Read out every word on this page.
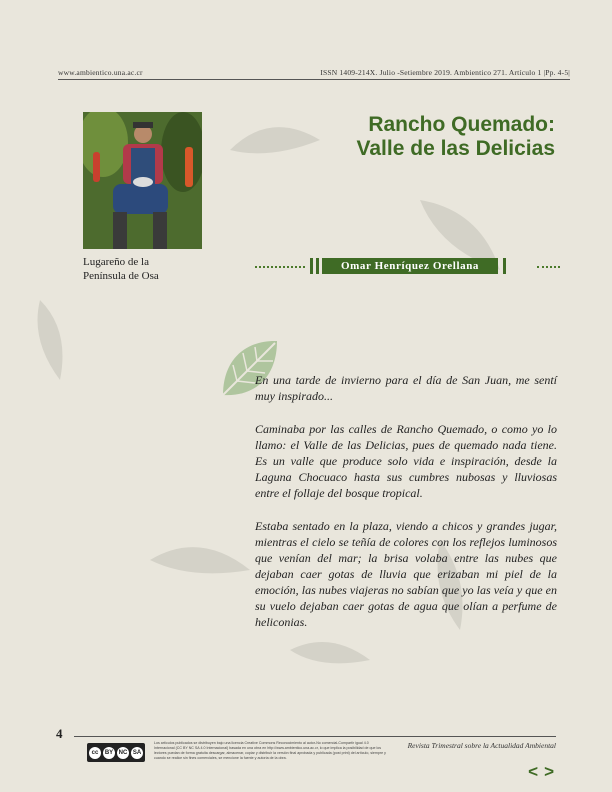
www.ambientico.una.ac.cr	ISSN 1409-214X. Julio -Setiembre 2019. Ambientico 271. Artículo 1 |Pp. 4-5|
Lugareño de la
Península de Osa
Rancho Quemado:
Valle de las Delicias
Omar Henríquez Orellana

En una tarde de invierno para el día de San Juan, me sentí muy inspirado...

Caminaba por las calles de Rancho Quemado, o como yo lo llamo: el Valle de las Delicias, pues de quemado nada tiene. Es un valle que produce solo vida e inspiración, desde la Laguna Chocuaco hasta sus cumbres nubosas y lluviosas entre el follaje del bosque tropical.

Estaba sentado en la plaza, viendo a chicos y grandes jugar, mientras el cielo se teñía de colores con los reflejos luminosos que venían del mar; la brisa volaba entre las nubes que dejaban caer gotas de lluvia que erizaban mi piel de la emoción, las nubes viajeras no sabían que yo las veía y que en su vuelo dejaban caer gotas de agua que olían a perfume de heliconias.

4
cc	BY NC SA
Los artículos publicados se distribuyen bajo una licencia Creative Commons Reconocimiento al autor-No comercial-Compartir igual 4.0 Internacional (CC BY NC SA 4.0 Internacional) basada en una obra en http://www.ambientico.una.ac.cr, lo que implica la posibilidad de que los lectores puedan de forma gratuita descargar, almacenar, copiar y distribuir la versión final aprobada y publicada (post print) del artículo, siempre y cuando se realice sin fines comerciales, se mencione la fuente y autoría de la obra.
Revista Trimestral sobre la Actualidad Ambiental
<>
